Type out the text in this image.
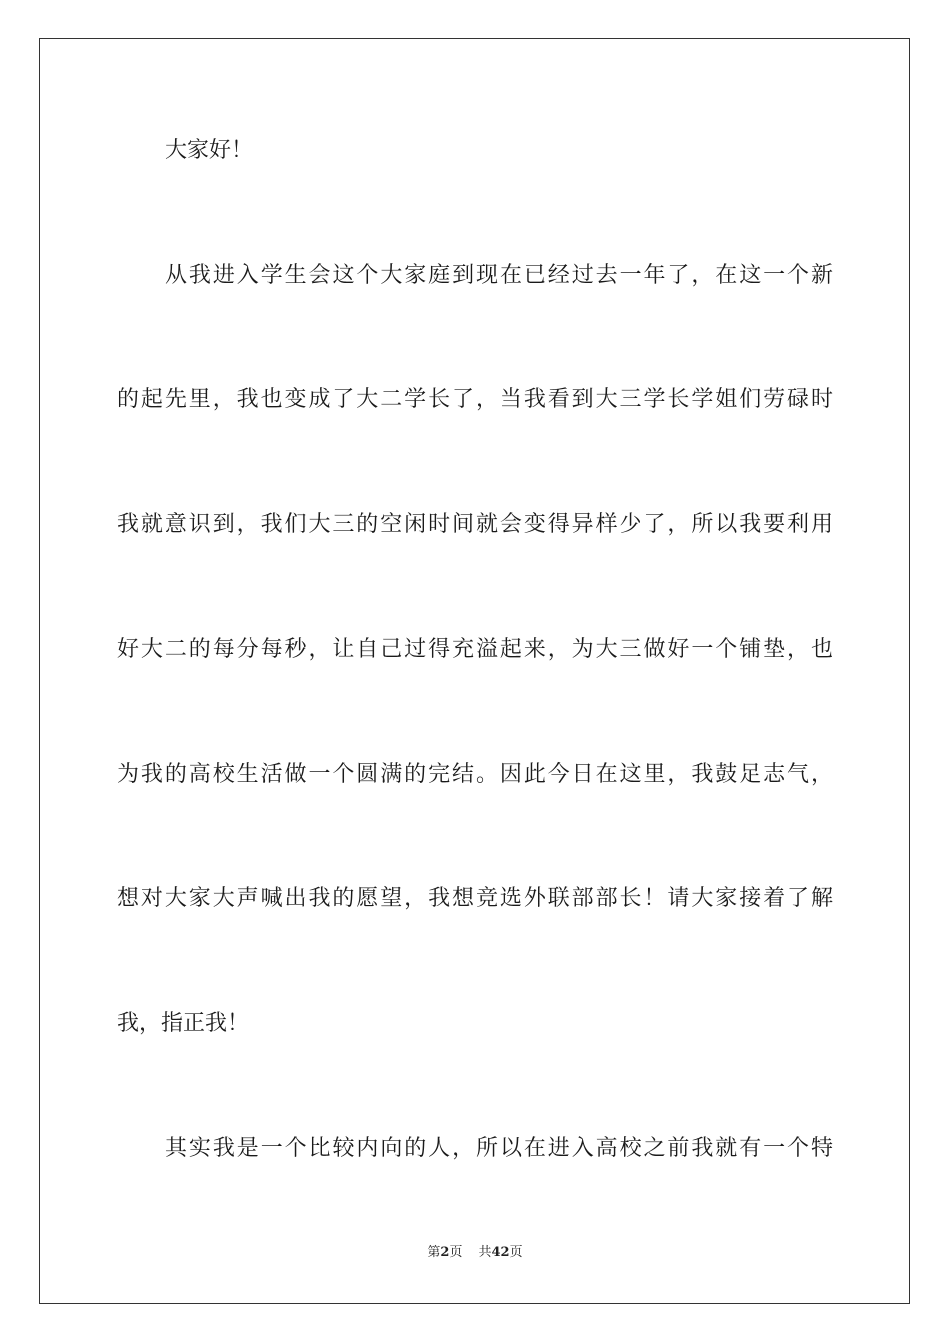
大家好！
从我进入学生会这个大家庭到现在已经过去一年了，在这一个新
的起先里，我也变成了大二学长了，当我看到大三学长学姐们劳碌时
我就意识到，我们大三的空闲时间就会变得异样少了，所以我要利用
好大二的每分每秒，让自己过得充溢起来，为大三做好一个铺垫，也
为我的高校生活做一个圆满的完结。因此今日在这里，我鼓足志气，
想对大家大声喊出我的愿望，我想竞选外联部部长！请大家接着了解
我，指正我！
其实我是一个比较内向的人，所以在进入高校之前我就有一个特
第2页 共42页
